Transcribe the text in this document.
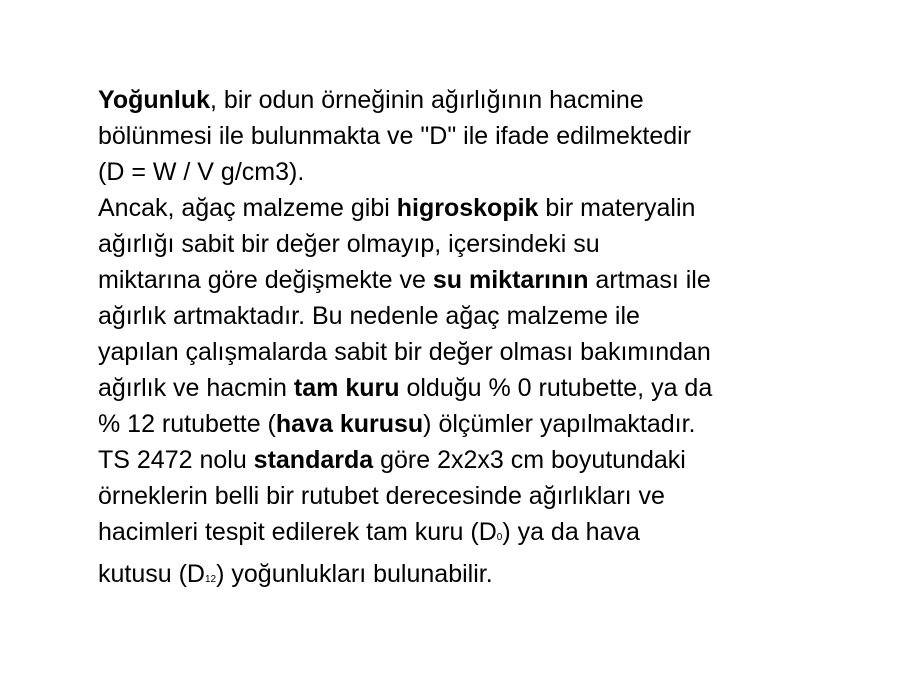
Yoğunluk, bir odun örneğinin ağırlığının hacmine
bölünmesi ile bulunmakta ve "D" ile ifade edilmektedir
(D = W / V g/cm3).

Ancak, ağaç malzeme gibi higroskopik bir materyalin
ağırlığı sabit bir değer olmayıp, içersindeki su
miktarına göre değişmekte ve su miktarının artması ile
ağırlık artmaktadır. Bu nedenle ağaç malzeme ile
yapılan çalışmalarda sabit bir değer olması bakımından
ağırlık ve hacmin tam kuru olduğu % 0 rutubette, ya da
% 12 rutubette (hava kurusu) ölçümler yapılmaktadır.

TS 2472 nolu standarda göre 2x2x3 cm boyutundaki
örneklerin belli bir rutubet derecesinde ağırlıkları ve
hacimleri tespit edilerek tam kuru (D0) ya da hava
kutusu (D12) yoğunlukları bulunabilir.
